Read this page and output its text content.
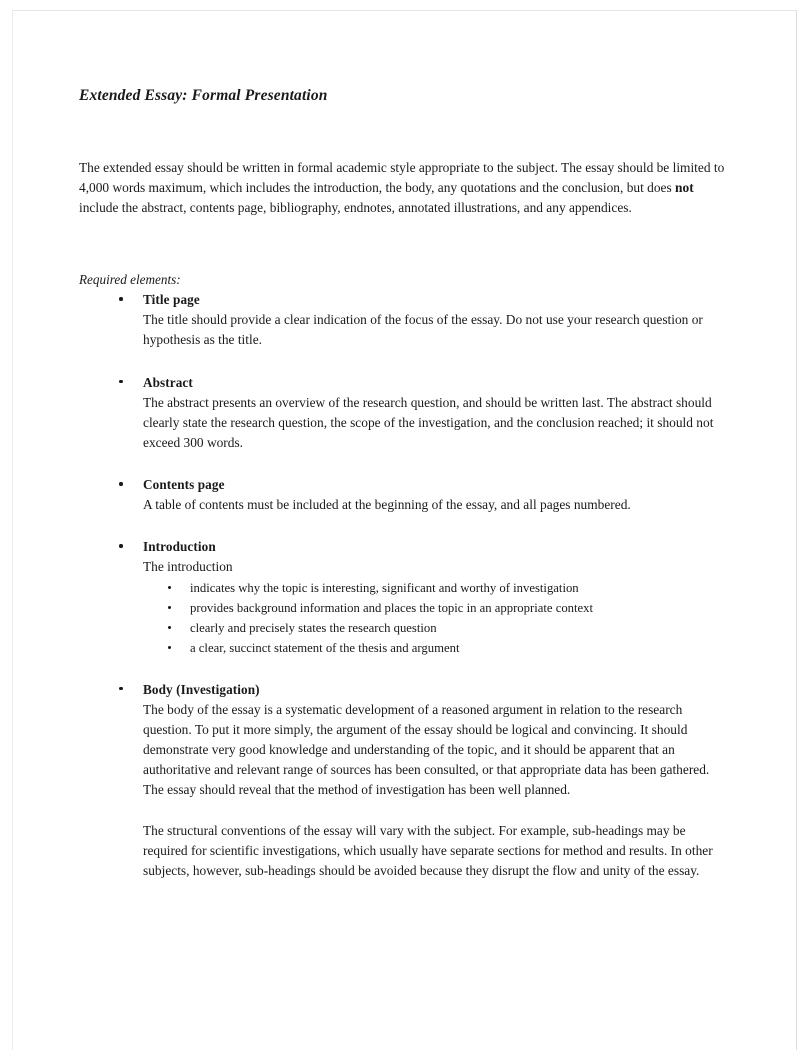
Extended Essay: Formal Presentation

The extended essay should be written in formal academic style appropriate to the subject. The essay should be limited to 4,000 words maximum, which includes the introduction, the body, any quotations and the conclusion, but does not include the abstract, contents page, bibliography, endnotes, annotated illustrations, and any appendices.

Required elements:

Title page

The title should provide a clear indication of the focus of the essay. Do not use your research question or hypothesis as the title.

Abstract

The abstract presents an overview of the research question, and should be written last. The abstract should clearly state the research question, the scope of the investigation, and the conclusion reached; it should not exceed 300 words.

Contents page

A table of contents must be included at the beginning of the essay, and all pages numbered.

Introduction

The introduction

indicates why the topic is interesting, significant and worthy of investigation
provides background information and places the topic in an appropriate context
clearly and precisely states the research question
a clear, succinct statement of the thesis and argument
Body (Investigation)

The body of the essay is a systematic development of a reasoned argument in relation to the research question. To put it more simply, the argument of the essay should be logical and convincing. It should demonstrate very good knowledge and understanding of the topic, and it should be apparent that an authoritative and relevant range of sources has been consulted, or that appropriate data has been gathered. The essay should reveal that the method of investigation has been well planned.

The structural conventions of the essay will vary with the subject. For example, sub-headings may be required for scientific investigations, which usually have separate sections for method and results. In other subjects, however, sub-headings should be avoided because they disrupt the flow and unity of the essay.
